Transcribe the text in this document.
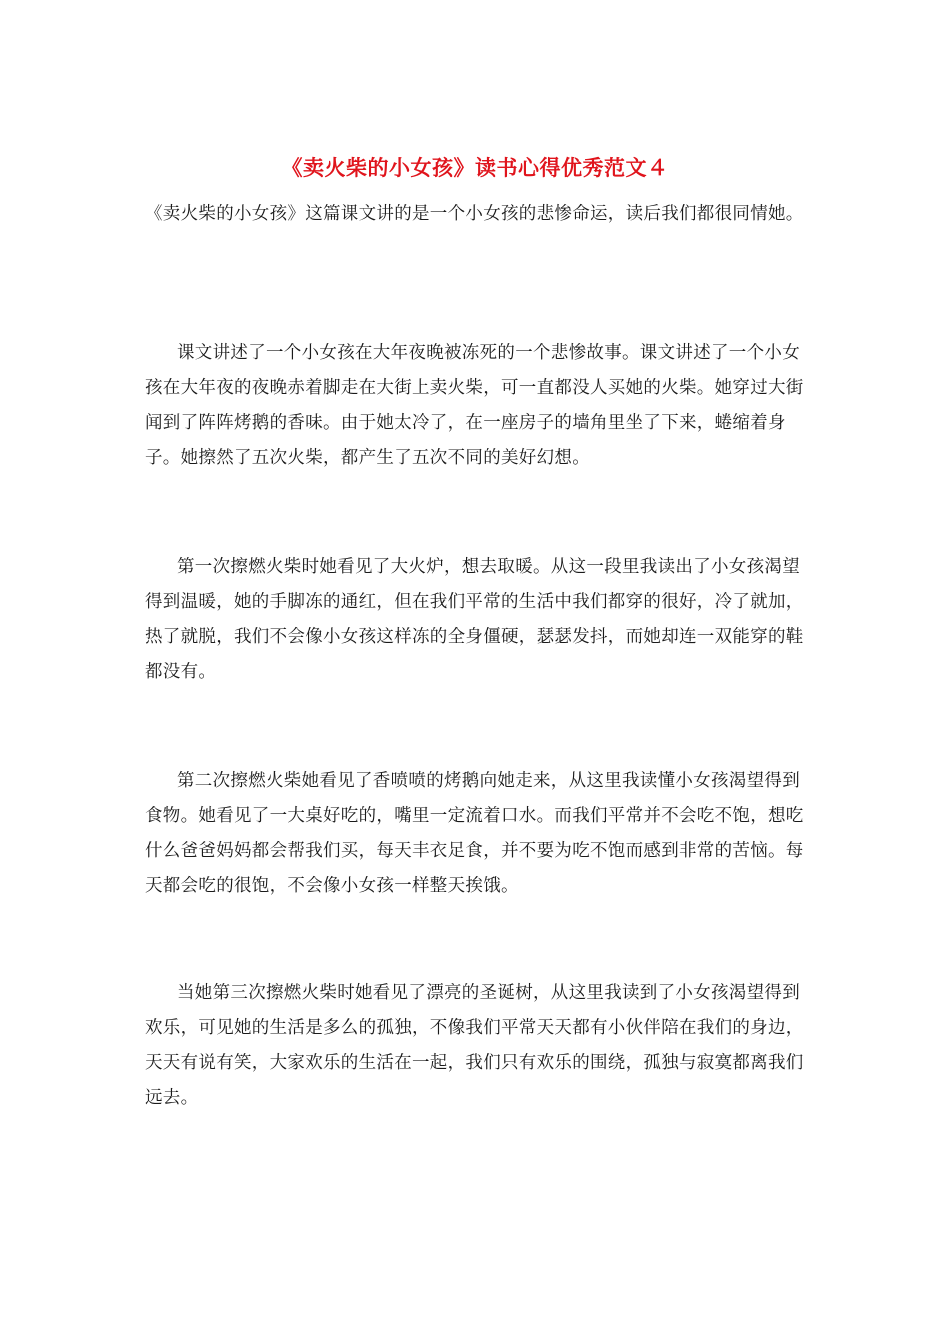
《卖火柴的小女孩》读书心得优秀范文４

《卖火柴的小女孩》这篇课文讲的是一个小女孩的悲惨命运，读后我们都很同情她。

课文讲述了一个小女孩在大年夜晚被冻死的一个悲惨故事。课文讲述了一个小女孩在大年夜的夜晚赤着脚走在大街上卖火柴，可一直都没人买她的火柴。她穿过大街闻到了阵阵烤鹅的香味。由于她太冷了，在一座房子的墙角里坐了下来，蜷缩着身子。她擦然了五次火柴，都产生了五次不同的美好幻想。

第一次擦燃火柴时她看见了大火炉，想去取暖。从这一段里我读出了小女孩渴望得到温暖，她的手脚冻的通红，但在我们平常的生活中我们都穿的很好，冷了就加，热了就脱，我们不会像小女孩这样冻的全身僵硬，瑟瑟发抖，而她却连一双能穿的鞋都没有。

第二次擦燃火柴她看见了香喷喷的烤鹅向她走来，从这里我读懂小女孩渴望得到食物。她看见了一大桌好吃的，嘴里一定流着口水。而我们平常并不会吃不饱，想吃什么爸爸妈妈都会帮我们买，每天丰衣足食，并不要为吃不饱而感到非常的苦恼。每天都会吃的很饱，不会像小女孩一样整天挨饿。

当她第三次擦燃火柴时她看见了漂亮的圣诞树，从这里我读到了小女孩渴望得到欢乐，可见她的生活是多么的孤独，不像我们平常天天都有小伙伴陪在我们的身边，天天有说有笑，大家欢乐的生活在一起，我们只有欢乐的围绕，孤独与寂寞都离我们远去。
